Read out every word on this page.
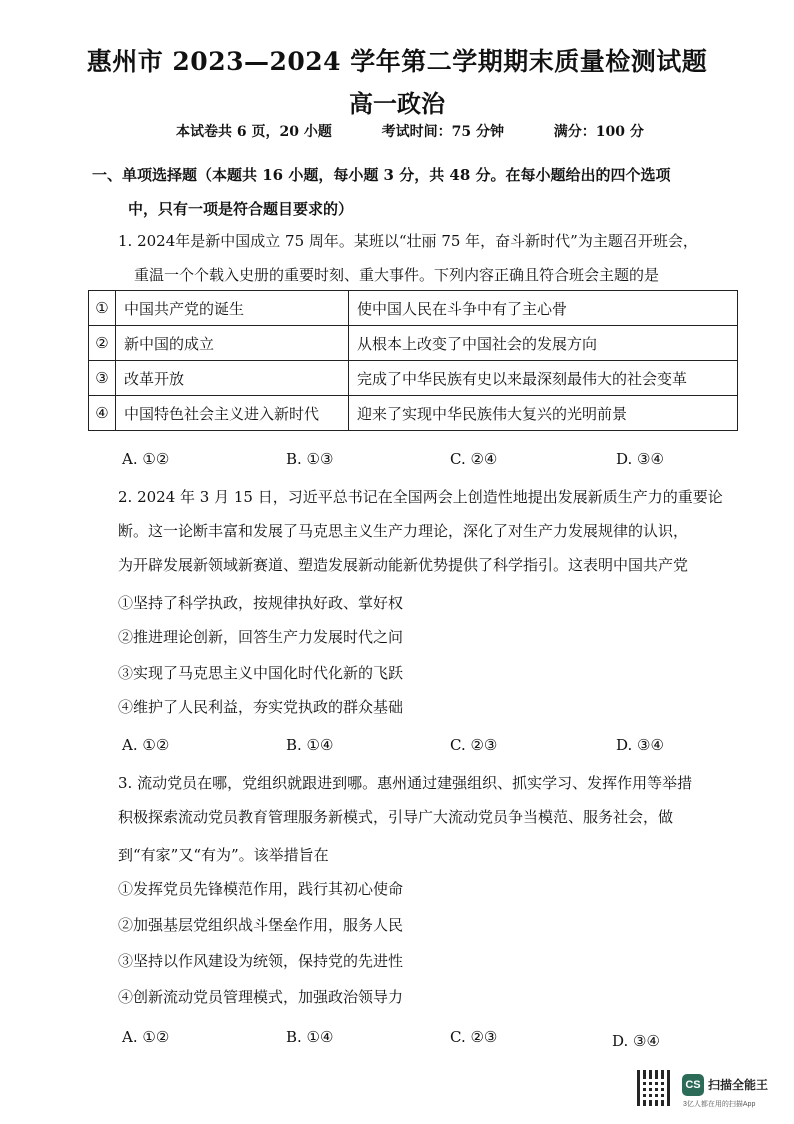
惠州市 2023—2024 学年第二学期期末质量检测试题
高一政治
本试卷共 6 页，20 小题	考试时间：75 分钟	满分：100 分
一、单项选择题（本题共 16 小题，每小题 3 分，共 48 分。在每小题给出的四个选项
中，只有一项是符合题目要求的）
1. 2024年是新中国成立 75 周年。某班以“壮丽 75 年，奋斗新时代”为主题召开班会，
重温一个个载入史册的重要时刻、重大事件。下列内容正确且符合班会主题的是
①	中国共产党的诞生	使中国人民在斗争中有了主心骨
②	新中国的成立	从根本上改变了中国社会的发展方向
③	改革开放	完成了中华民族有史以来最深刻最伟大的社会变革
④	中国特色社会主义进入新时代	迎来了实现中华民族伟大复兴的光明前景
A. ①②	B. ①③	C. ②④	D. ③④
2. 2024 年 3 月 15 日，习近平总书记在全国两会上创造性地提出发展新质生产力的重要论
断。这一论断丰富和发展了马克思主义生产力理论，深化了对生产力发展规律的认识，
为开辟发展新领域新赛道、塑造发展新动能新优势提供了科学指引。这表明中国共产党
①坚持了科学执政，按规律执好政、掌好权
②推进理论创新，回答生产力发展时代之问
③实现了马克思主义中国化时代化新的飞跃
④维护了人民利益，夯实党执政的群众基础
A. ①②	B. ①④	C. ②③	D. ③④
3. 流动党员在哪，党组织就跟进到哪。惠州通过建强组织、抓实学习、发挥作用等举措
积极探索流动党员教育管理服务新模式，引导广大流动党员争当模范、服务社会，做
到“有家”又“有为”。该举措旨在
①发挥党员先锋模范作用，践行其初心使命
②加强基层党组织战斗堡垒作用，服务人民
③坚持以作风建设为统领，保持党的先进性
④创新流动党员管理模式，加强政治领导力
A. ①②	B. ①④	C. ②③	D. ③④
CS 扫描全能王
3亿人都在用的扫描App
